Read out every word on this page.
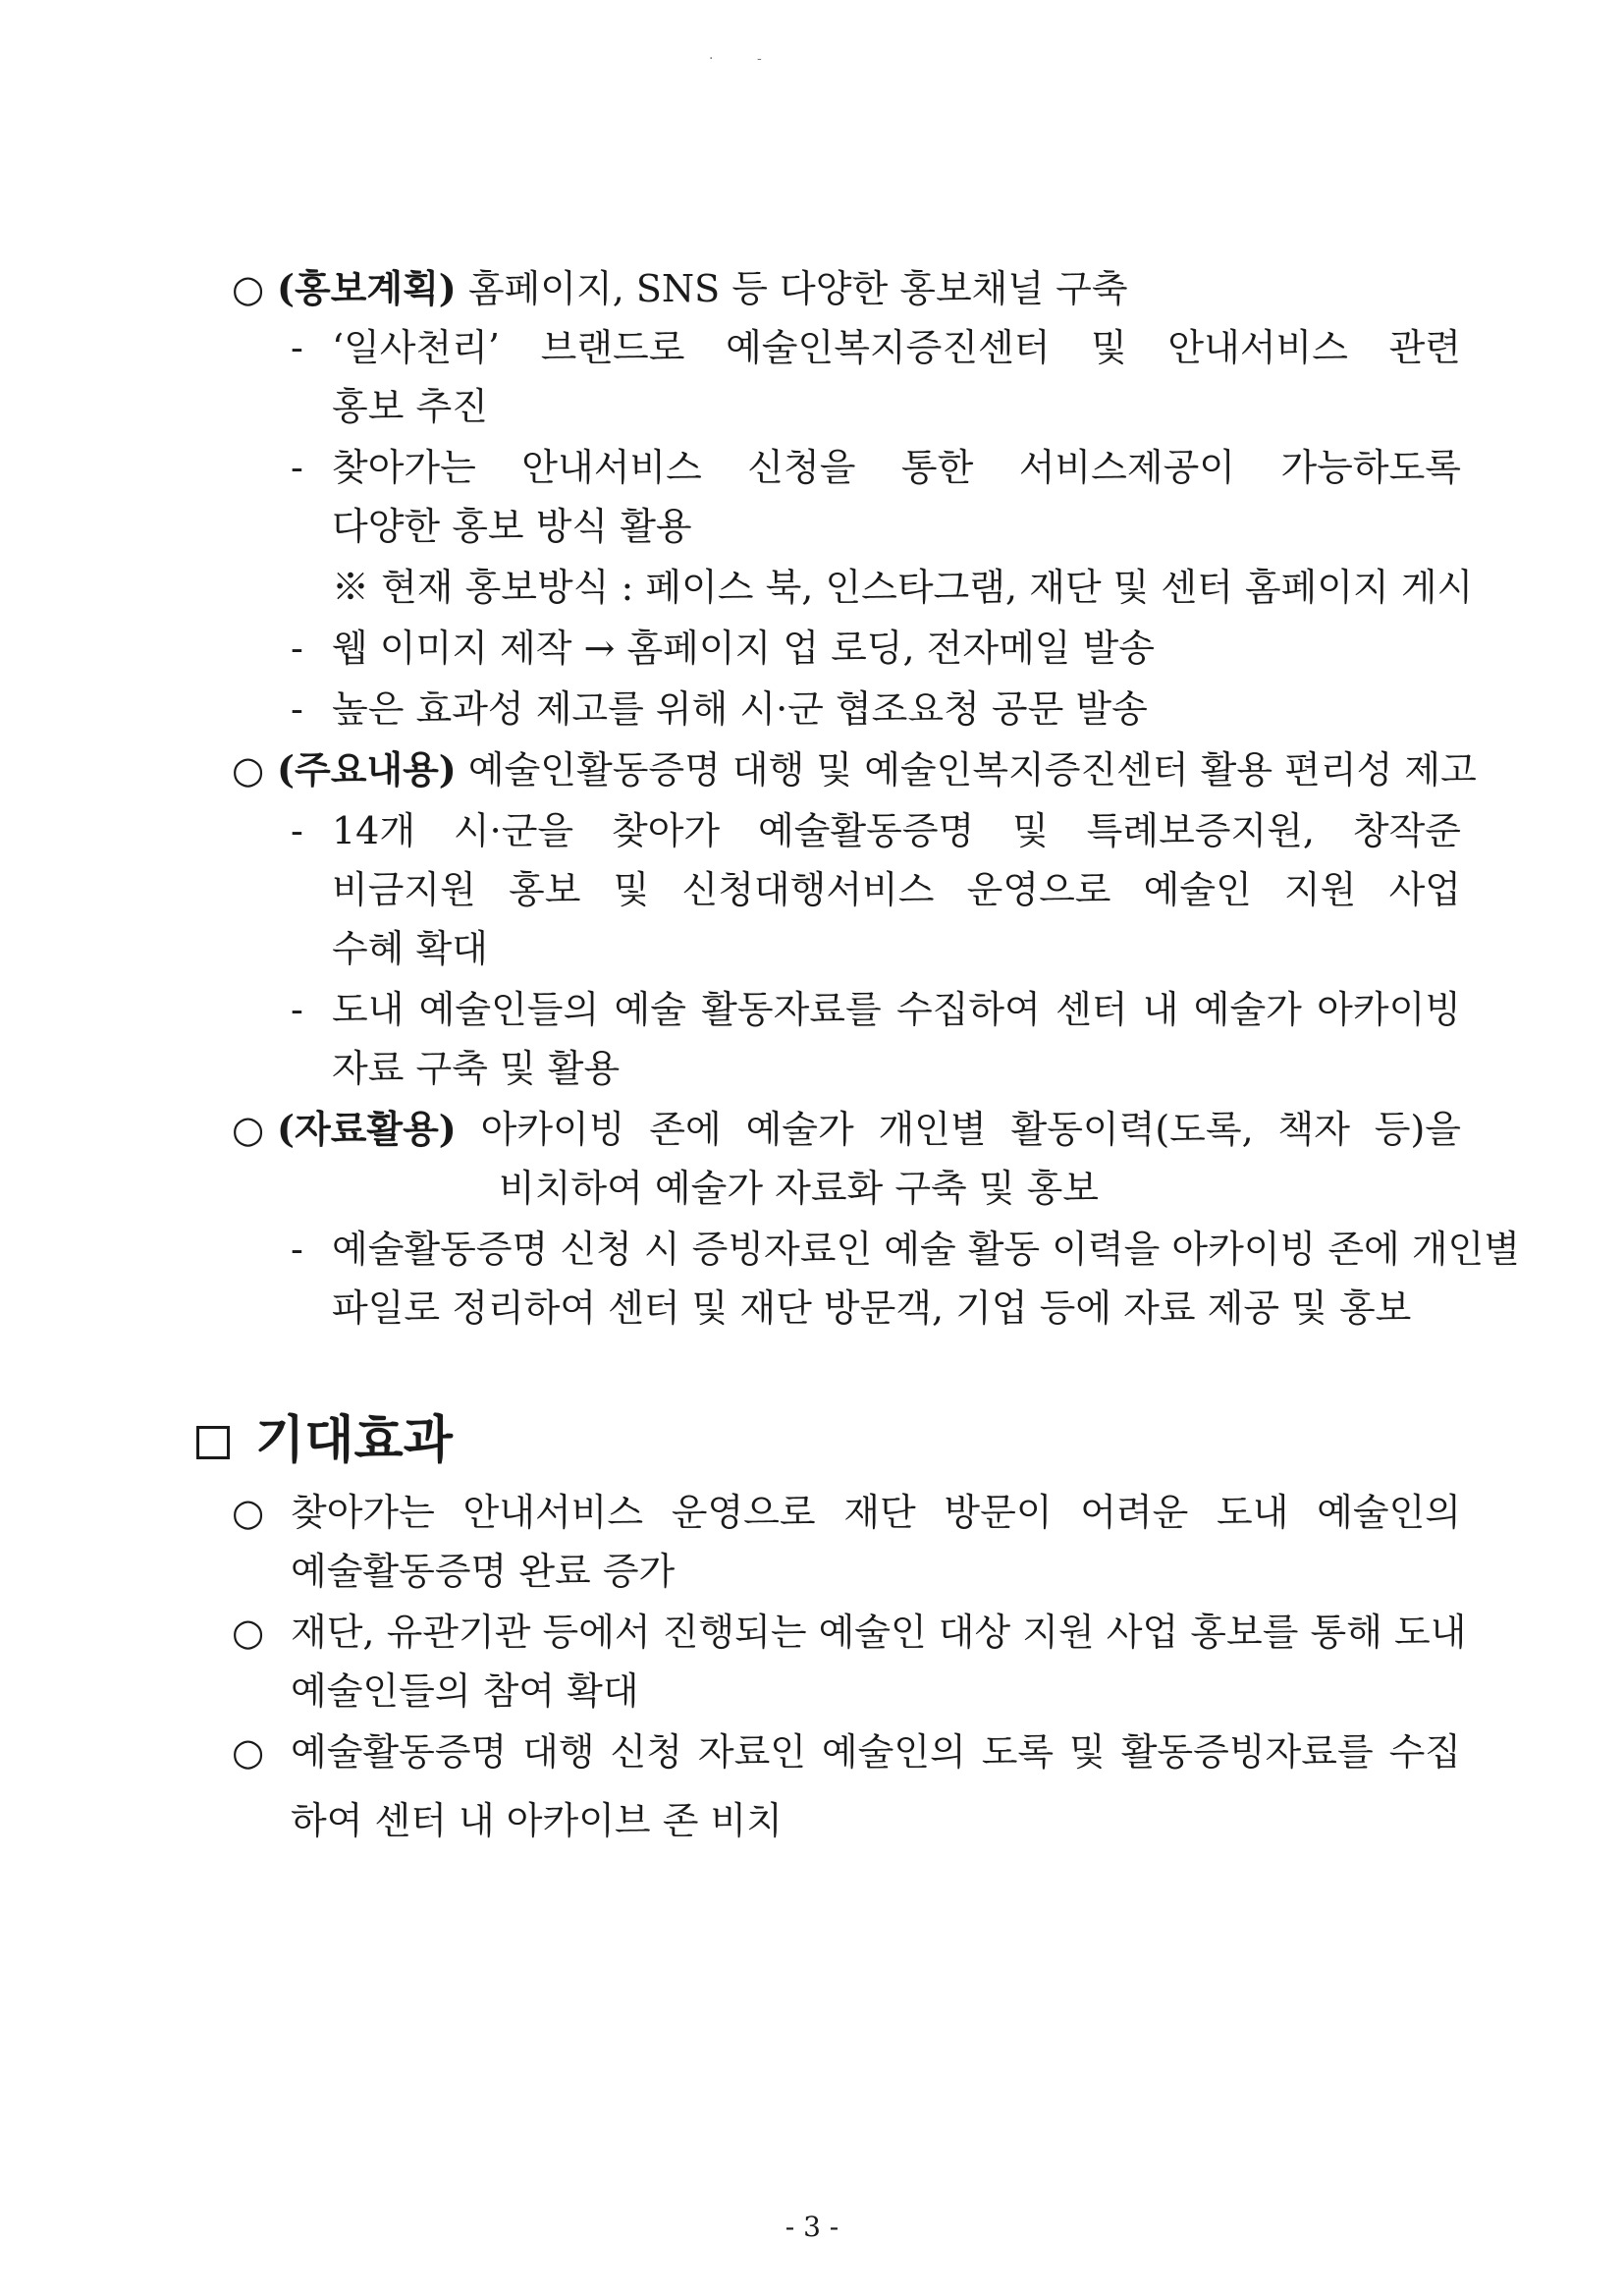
·          -
○ (홍보계획) 홈페이지, SNS 등 다양한 홍보채널 구축
- ‘일사천리’ 브랜드로 예술인복지증진센터 및 안내서비스 관련
홍보 추진
- 찾아가는 안내서비스 신청을 통한 서비스제공이 가능하도록
다양한 홍보 방식 활용
※ 현재 홍보방식 : 페이스 북, 인스타그램, 재단 및 센터 홈페이지 게시
- 웹 이미지 제작 → 홈페이지 업 로딩, 전자메일 발송
- 높은 효과성 제고를 위해 시·군 협조요청 공문 발송
○ (주요내용) 예술인활동증명 대행 및 예술인복지증진센터 활용 편리성 제고
- 14개 시·군을 찾아가 예술활동증명 및 특례보증지원, 창작준
비금지원 홍보 및 신청대행서비스 운영으로 예술인 지원 사업
수혜 확대
- 도내 예술인들의 예술 활동자료를 수집하여 센터 내 예술가 아카이빙
자료 구축 및 활용
○ (자료활용) 아카이빙 존에 예술가 개인별 활동이력(도록, 책자 등)을
비치하여 예술가 자료화 구축 및 홍보
- 예술활동증명 신청 시 증빙자료인 예술 활동 이력을 아카이빙 존에 개인별
파일로 정리하여 센터 및 재단 방문객, 기업 등에 자료 제공 및 홍보
기대효과
○ 찾아가는 안내서비스 운영으로 재단 방문이 어려운 도내 예술인의
예술활동증명 완료 증가
○ 재단, 유관기관 등에서 진행되는 예술인 대상 지원 사업 홍보를 통해 도내
예술인들의 참여 확대
○ 예술활동증명 대행 신청 자료인 예술인의 도록 및 활동증빙자료를 수집
하여 센터 내 아카이브 존 비치
- 3 -
